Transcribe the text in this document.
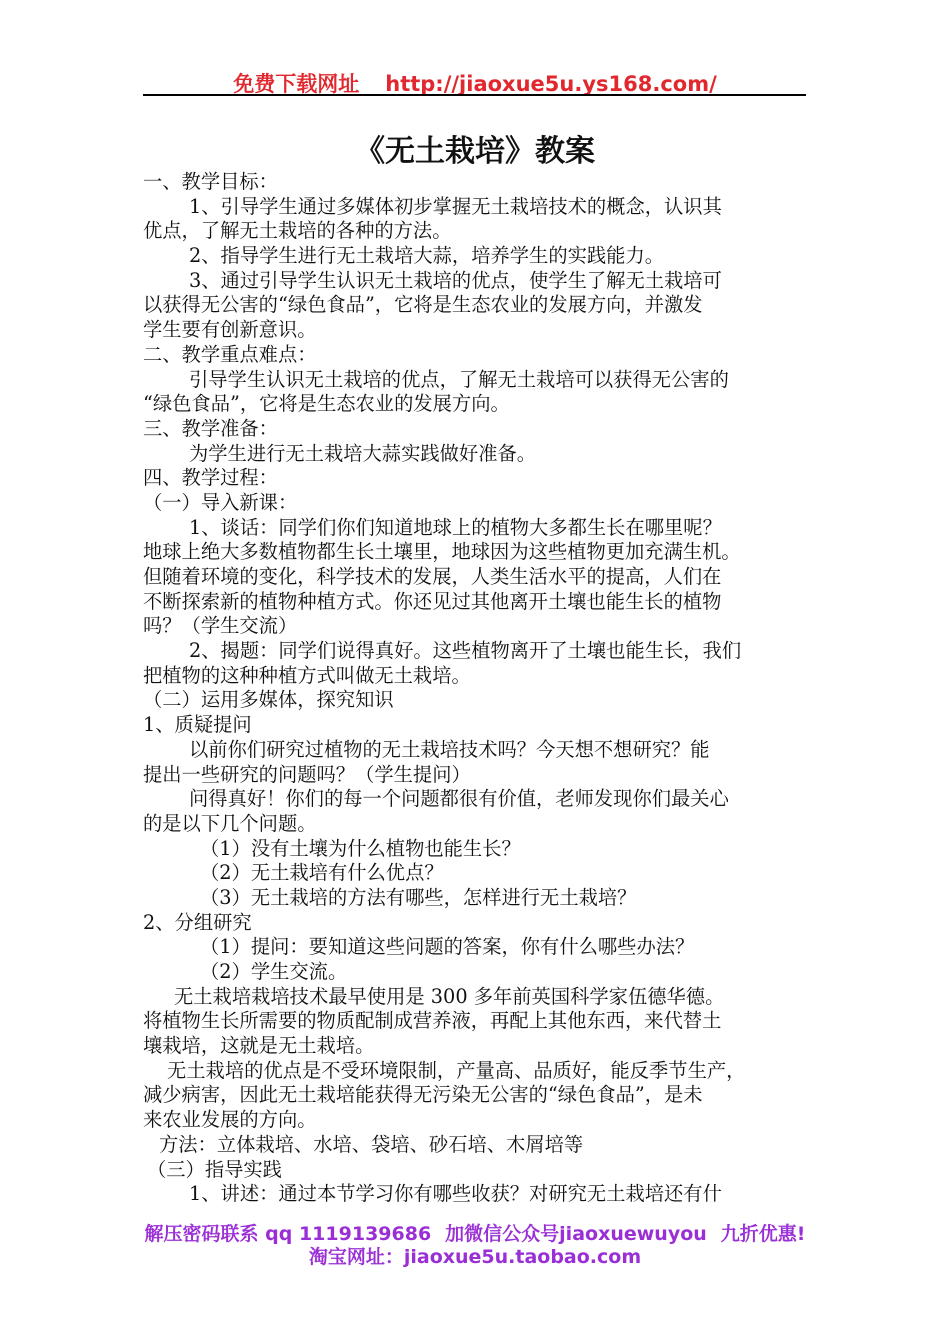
免费下载网址 http://jiaoxue5u.ys168.com/
《无土栽培》教案
一、教学目标：
1、引导学生通过多媒体初步掌握无土栽培技术的概念，认识其
优点，了解无土栽培的各种的方法。
2、指导学生进行无土栽培大蒜，培养学生的实践能力。
3、通过引导学生认识无土栽培的优点，使学生了解无土栽培可
以获得无公害的“绿色食品”，它将是生态农业的发展方向，并激发
学生要有创新意识。
二、教学重点难点：
引导学生认识无土栽培的优点，了解无土栽培可以获得无公害的
“绿色食品”，它将是生态农业的发展方向。
三、教学准备：
为学生进行无土栽培大蒜实践做好准备。
四、教学过程：
（一）导入新课：
1、谈话：同学们你们知道地球上的植物大多都生长在哪里呢？
地球上绝大多数植物都生长土壤里，地球因为这些植物更加充满生机。
但随着环境的变化，科学技术的发展，人类生活水平的提高，人们在
不断探索新的植物种植方式。你还见过其他离开土壤也能生长的植物
吗？（学生交流）
2、揭题：同学们说得真好。这些植物离开了土壤也能生长，我们
把植物的这种种植方式叫做无土栽培。
（二）运用多媒体，探究知识
1、质疑提问
以前你们研究过植物的无土栽培技术吗？今天想不想研究？能
提出一些研究的问题吗？（学生提问）
问得真好！你们的每一个问题都很有价值，老师发现你们最关心
的是以下几个问题。
（1）没有土壤为什么植物也能生长？
（2）无土栽培有什么优点？
（3）无土栽培的方法有哪些，怎样进行无土栽培？
2、分组研究
（1）提问：要知道这些问题的答案，你有什么哪些办法？
（2）学生交流。
无土栽培栽培技术最早使用是 300 多年前英国科学家伍德华德。
将植物生长所需要的物质配制成营养液，再配上其他东西，来代替土
壤栽培，这就是无土栽培。
无土栽培的优点是不受环境限制，产量高、品质好，能反季节生产，
减少病害，因此无土栽培能获得无污染无公害的“绿色食品”，是未
来农业发展的方向。
方法：立体栽培、水培、袋培、砂石培、木屑培等
（三）指导实践
1、讲述：通过本节学习你有哪些收获？对研究无土栽培还有什
解压密码联系 qq 1119139686 加微信公众号jiaoxuewuyou 九折优惠!
淘宝网址：jiaoxue5u.taobao.com
